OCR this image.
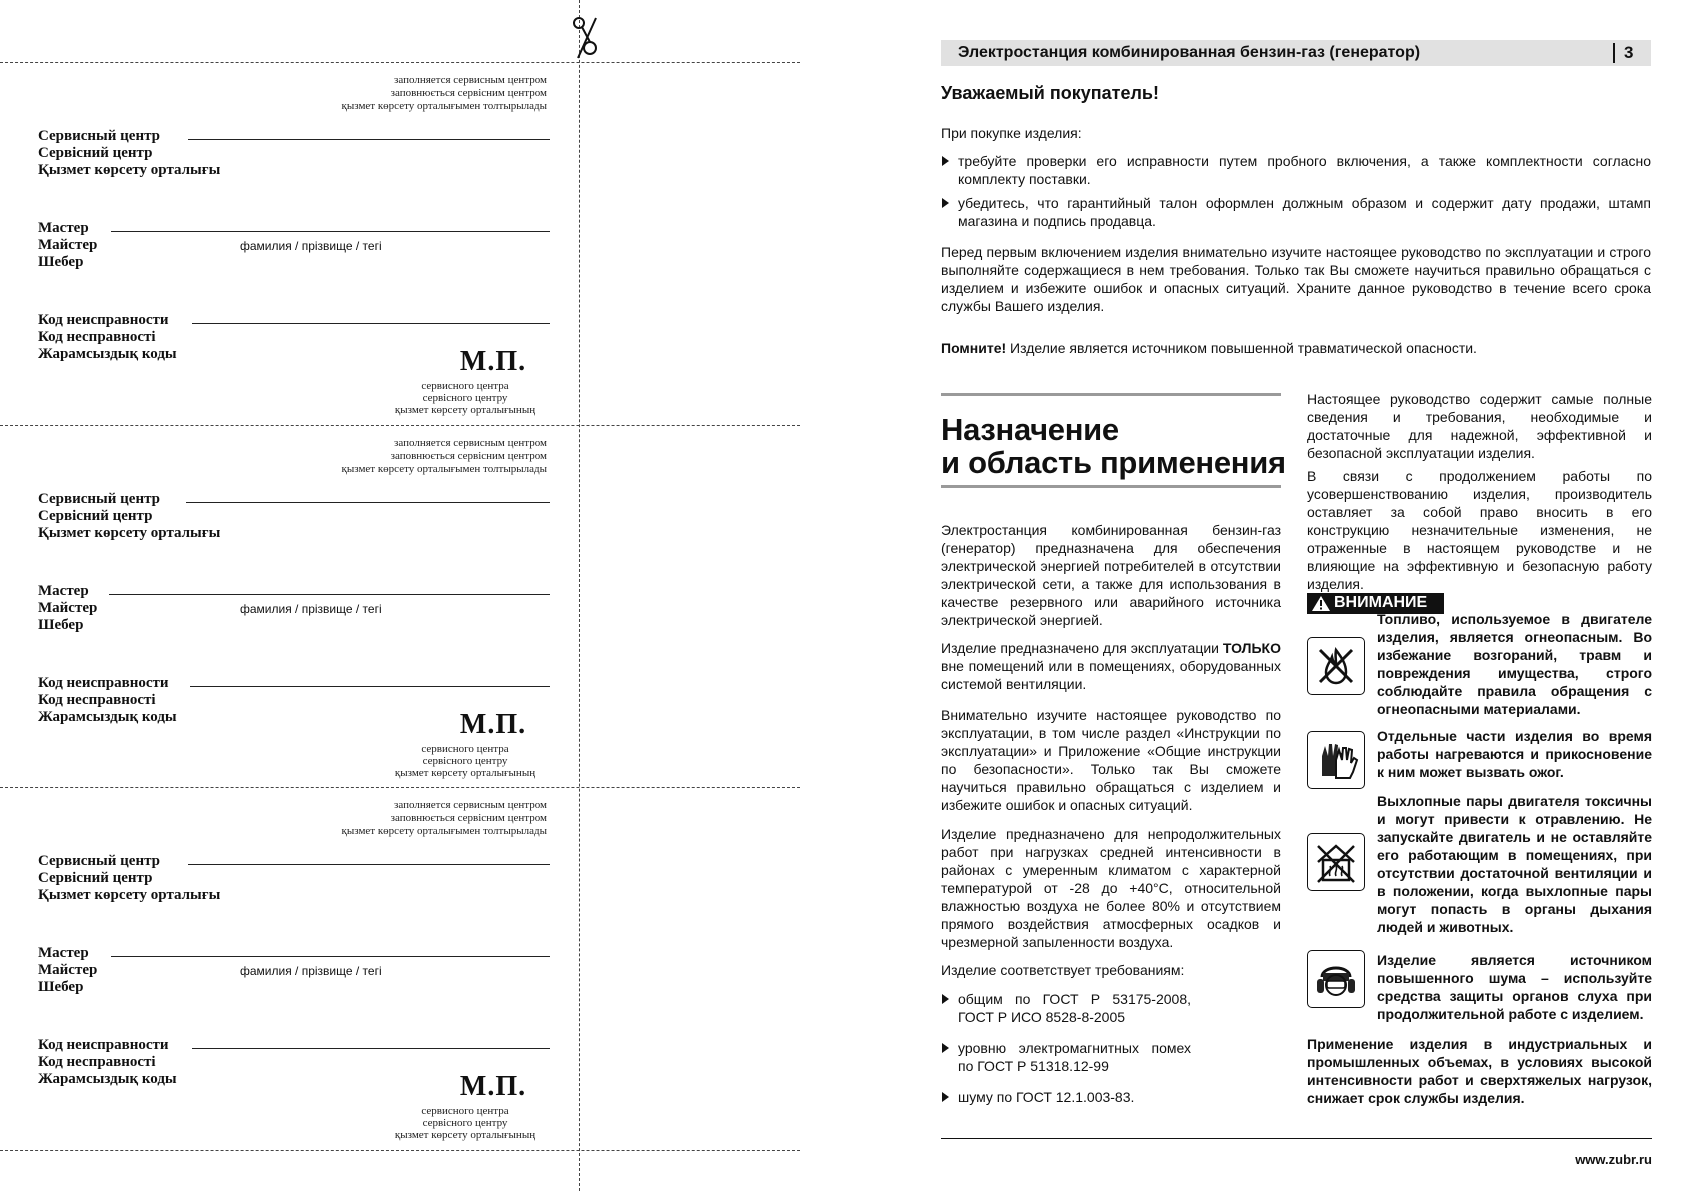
заполняется сервисным центром
заповнюється сервісним центром
қызмет көрсету орталығымен толтырылады
Сервисный центр
Сервісний центр
Қызмет көрсету орталығы
Мастер
Майстер
Шебер
фамилия / прізвище / тегі
Код неисправности
Код несправності
Жарамсыздық коды	М.П.
сервисного центра
сервісного центру
қызмет көрсету орталығының
заполняется сервисным центром
заповнюється сервісним центром
қызмет көрсету орталығымен толтырылады
Сервисный центр
Сервісний центр
Қызмет көрсету орталығы
Мастер
Майстер
Шебер
фамилия / прізвище / тегі
Код неисправности
Код несправності
Жарамсыздық коды	М.П.
сервисного центра
сервісного центру
қызмет көрсету орталығының
заполняется сервисным центром
заповнюється сервісним центром
қызмет көрсету орталығымен толтырылады
Сервисный центр
Сервісний центр
Қызмет көрсету орталығы
Мастер
Майстер
Шебер
фамилия / прізвище / тегі
Код неисправности
Код несправності
Жарамсыздық коды	М.П.
сервисного центра
сервісного центру
қызмет көрсету орталығының
Электростанция комбинированная бензин-газ (генератор)	3
Уважаемый покупатель!
При покупке изделия:
требуйте проверки его исправности путем пробного включения, а также комплектности согласно комплекту поставки.
убедитесь, что гарантийный талон оформлен должным образом и содержит дату продажи, штамп магазина и подпись продавца.
Перед первым включением изделия внимательно изучите настоящее руководство по эксплуатации и строго выполняйте содержащиеся в нем требования. Только так Вы сможете научиться правильно обращаться с изделием и избежите ошибок и опасных ситуаций. Храните данное руководство в течение всего срока службы Вашего изделия.
Помните! Изделие является источником повышенной травматической опасности.
Назначение
и область применения
Электростанция комбинированная бензин-газ (генератор) предназначена для обеспечения электрической энергией потребителей в отсутствии электрической сети, а также для использования в качестве резервного или аварийного источника электрической энергией.
Изделие предназначено для эксплуатации ТОЛЬКО вне помещений или в помещениях, оборудованных системой вентиляции.
Внимательно изучите настоящее руководство по эксплуатации, в том числе раздел «Инструкции по эксплуатации» и Приложение «Общие инструкции по безопасности». Только так Вы сможете научиться правильно обращаться с изделием и избежите ошибок и опасных ситуаций.
Изделие предназначено для непродолжительных работ при нагрузках средней интенсивности в районах с умеренным климатом с характерной температурой от -28 до +40°С, относительной влажностью воздуха не более 80% и отсутствием прямого воздействия атмосферных осадков и чрезмерной запыленности воздуха.
Изделие соответствует требованиям:
общим по ГОСТ Р 53175-2008, ГОСТ Р ИСО 8528-8-2005
уровню электромагнитных помех по ГОСТ Р 51318.12-99
шуму по ГОСТ 12.1.003-83.
Настоящее руководство содержит самые полные сведения и требования, необходимые и достаточные для надежной, эффективной и безопасной эксплуатации изделия.
В связи с продолжением работы по усовершенствованию изделия, производитель оставляет за собой право вносить в его конструкцию незначительные изменения, не отраженные в настоящем руководстве и не влияющие на эффективную и безопасную работу изделия.
ВНИМАНИЕ
Топливо, используемое в двигателе изделия, является огнеопасным. Во избежание возгораний, травм и повреждения имущества, строго соблюдайте правила обращения с огнеопасными материалами.
Отдельные части изделия во время работы нагреваются и прикосновение к ним может вызвать ожог.
Выхлопные пары двигателя токсичны и могут привести к отравлению. Не запускайте двигатель и не оставляйте его работающим в помещениях, при отсутствии достаточной вентиляции и в положении, когда выхлопные пары могут попасть в органы дыхания людей и животных.
Изделие является источником повышенного шума – используйте средства защиты органов слуха при продолжительной работе с изделием.
Применение изделия в индустриальных и промышленных объемах, в условиях высокой интенсивности работ и сверхтяжелых нагрузок, снижает срок службы изделия.
www.zubr.ru
